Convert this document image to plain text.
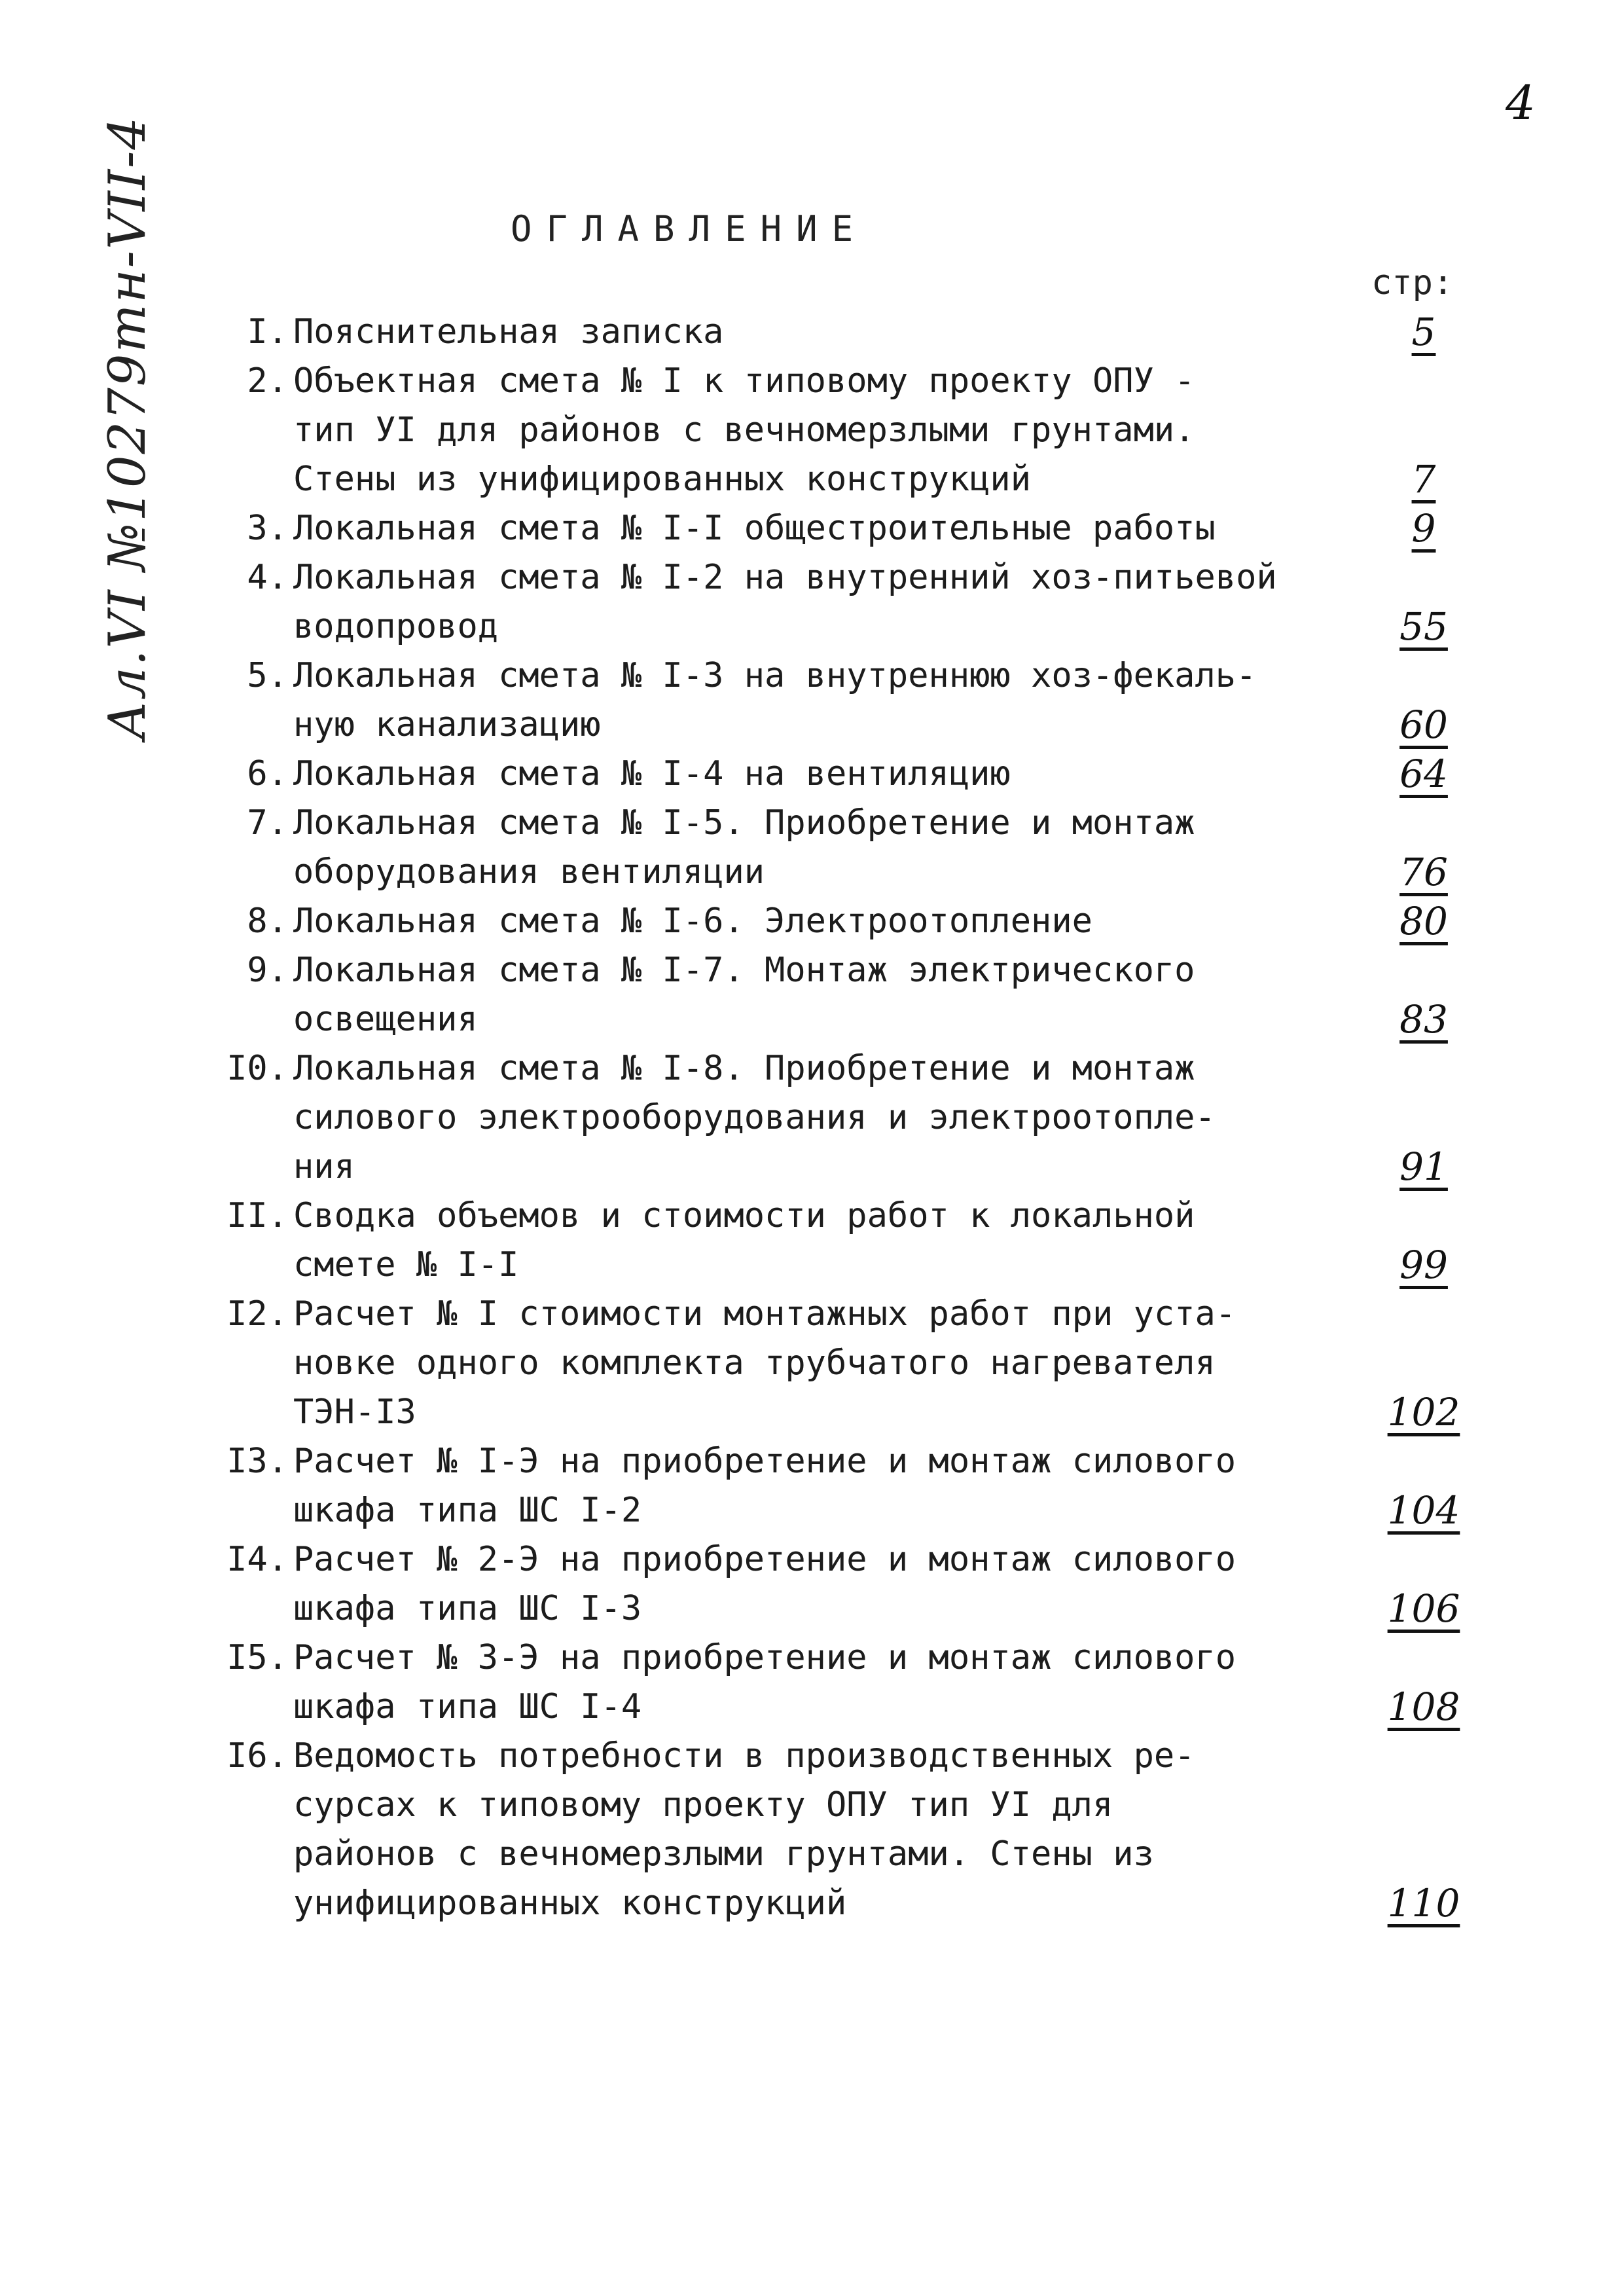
4
Ал.VI №10279тн-VII-4	ОГЛАВЛЕНИЕ
стр:
I. Пояснительная записка	5
2. Объектная смета № I к типовому проекту ОПУ -
тип УI для районов с вечномерзлыми грунтами.
Стены из унифицированных конструкций	7
3. Локальная смета № I-I общестроительные работы	9
4. Локальная смета № I-2 на внутренний хоз-питьевой
водопровод	55
5. Локальная смета № I-3 на внутреннюю хоз-фекаль-
ную канализацию	60
6. Локальная смета № I-4 на вентиляцию	64
7. Локальная смета № I-5. Приобретение и монтаж
оборудования вентиляции	76
8. Локальная смета № I-6. Электроотопление	80
9. Локальная смета № I-7. Монтаж электрического
освещения	83
I0. Локальная смета № I-8. Приобретение и монтаж
силового электрооборудования и электроотопле-
ния	91
II. Сводка объемов и стоимости работ к локальной
смете № I-I	99
I2. Расчет № I стоимости монтажных работ при уста-
новке одного комплекта трубчатого нагревателя
ТЭН-I3	102
I3. Расчет № I-Э на приобретение и монтаж силового
шкафа типа ШС I-2	104
I4. Расчет № 2-Э на приобретение и монтаж силового
шкафа типа ШС I-3	106
I5. Расчет № 3-Э на приобретение и монтаж силового
шкафа типа ШС I-4	108
I6. Ведомость потребности в производственных ре-
сурсах к типовому проекту ОПУ тип УI для
районов с вечномерзлыми грунтами. Стены из
унифицированных конструкций	110
